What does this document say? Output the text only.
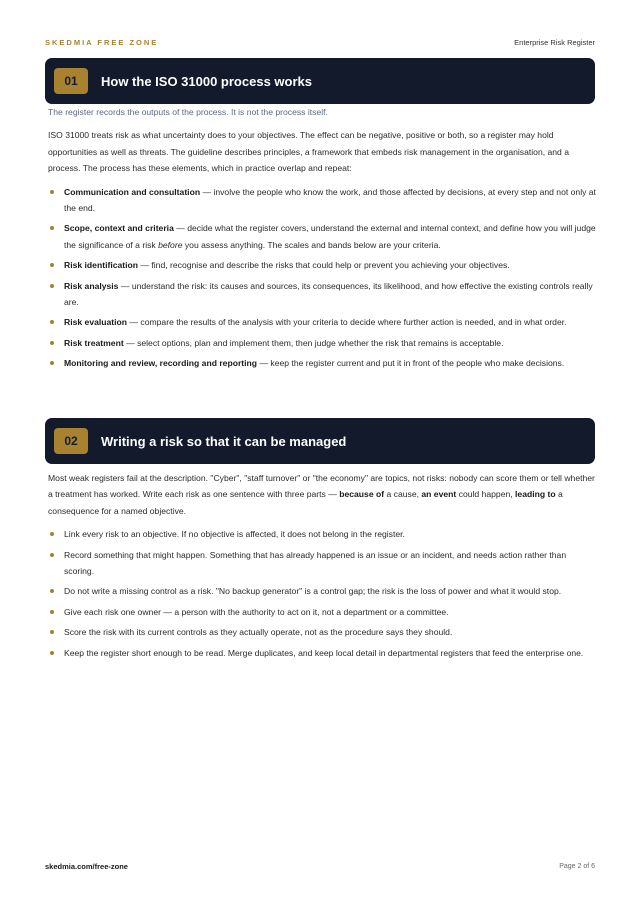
SKEDMIA FREE ZONE	Enterprise Risk Register
01	How the ISO 31000 process works

The register records the outputs of the process. It is not the process itself.

ISO 31000 treats risk as what uncertainty does to your objectives. The effect can be negative, positive or both, so a register may hold opportunities as well as threats. The guideline describes principles, a framework that embeds risk management in the organisation, and a process. The process has these elements, which in practice overlap and repeat:

Communication and consultation — involve the people who know the work, and those affected by decisions, at every step and not only at the end.
Scope, context and criteria — decide what the register covers, understand the external and internal context, and define how you will judge the significance of a risk before you assess anything. The scales and bands below are your criteria.
Risk identification — find, recognise and describe the risks that could help or prevent you achieving your objectives.
Risk analysis — understand the risk: its causes and sources, its consequences, its likelihood, and how effective the existing controls really are.
Risk evaluation — compare the results of the analysis with your criteria to decide where further action is needed, and in what order.
Risk treatment — select options, plan and implement them, then judge whether the risk that remains is acceptable.
Monitoring and review, recording and reporting — keep the register current and put it in front of the people who make decisions.
02	Writing a risk so that it can be managed

Most weak registers fail at the description. "Cyber", "staff turnover" or "the economy" are topics, not risks: nobody can score them or tell whether a treatment has worked. Write each risk as one sentence with three parts — because of a cause, an event could happen, leading to a consequence for a named objective.

Link every risk to an objective. If no objective is affected, it does not belong in the register.
Record something that might happen. Something that has already happened is an issue or an incident, and needs action rather than scoring.
Do not write a missing control as a risk. "No backup generator" is a control gap; the risk is the loss of power and what it would stop.
Give each risk one owner — a person with the authority to act on it, not a department or a committee.
Score the risk with its current controls as they actually operate, not as the procedure says they should.
Keep the register short enough to be read. Merge duplicates, and keep local detail in departmental registers that feed the enterprise one.
skedmia.com/free-zone	Page 2 of 6
